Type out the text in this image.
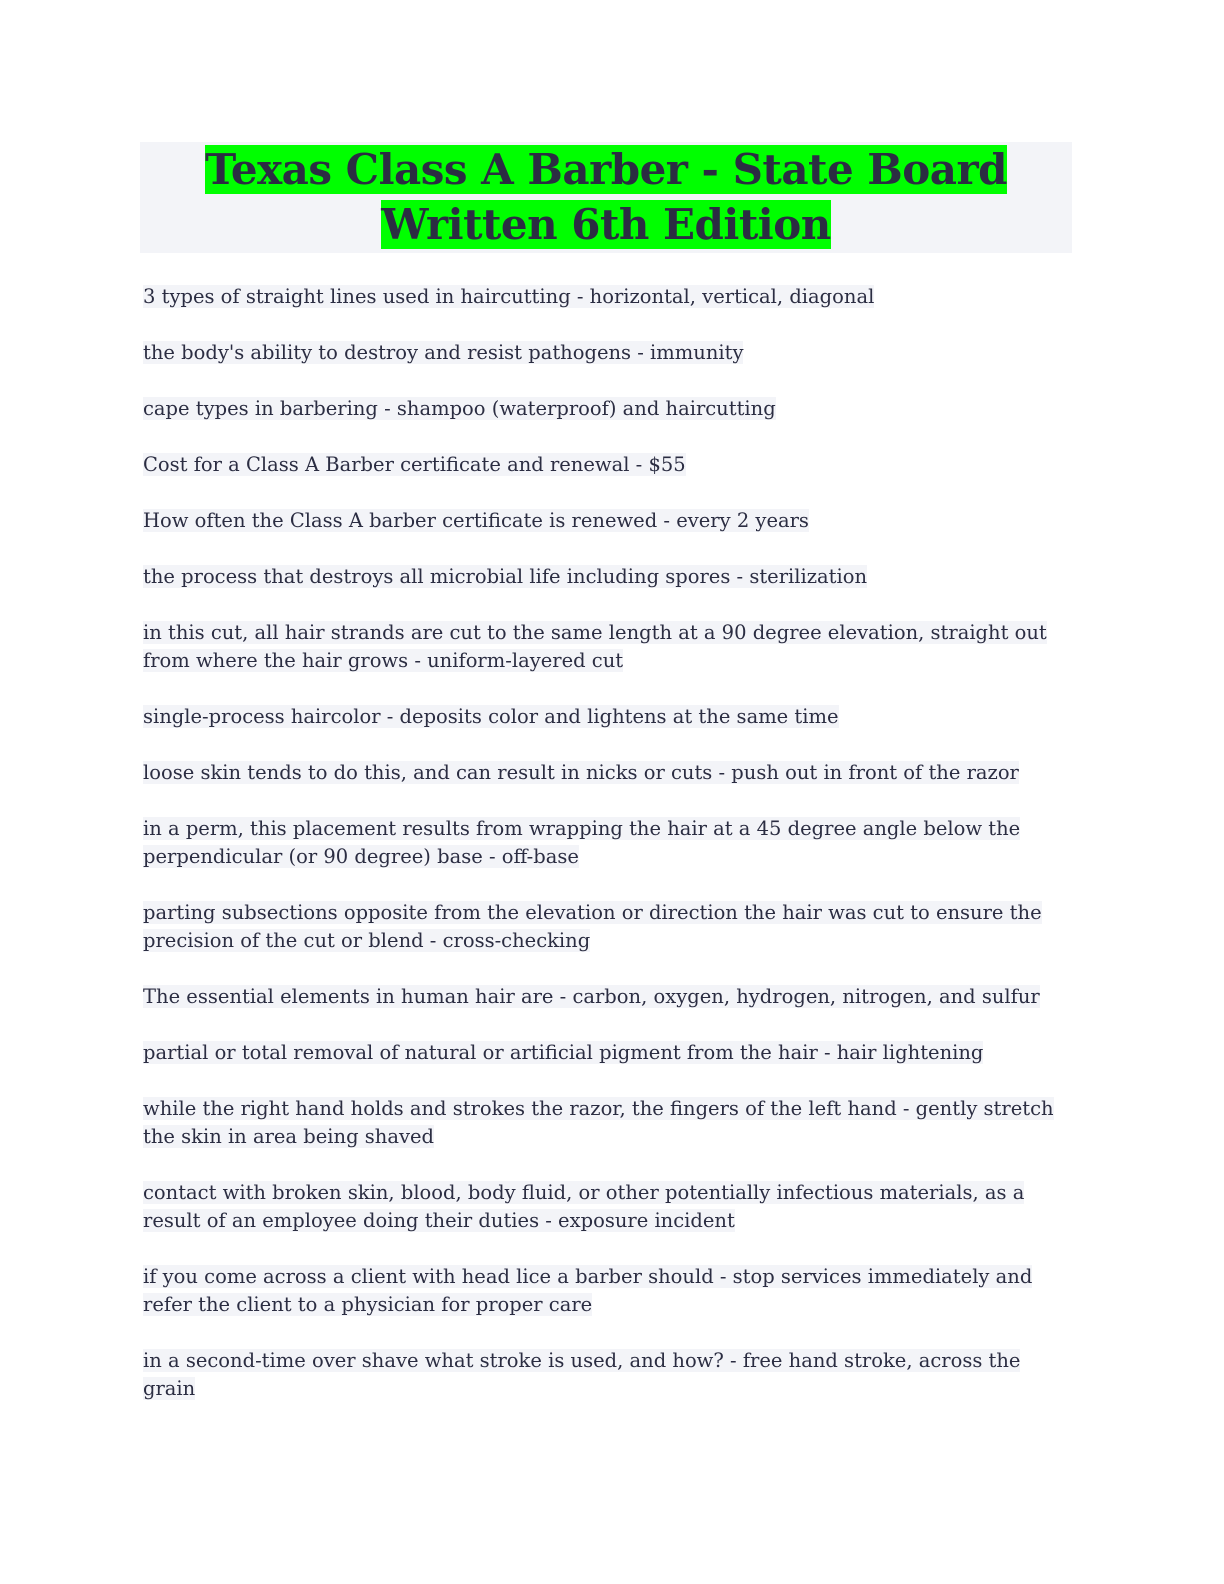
Texas Class A Barber - State Board Written 6th Edition

3 types of straight lines used in haircutting - horizontal, vertical, diagonal

the body's ability to destroy and resist pathogens - immunity

cape types in barbering - shampoo (waterproof) and haircutting

Cost for a Class A Barber certificate and renewal - $55

How often the Class A barber certificate is renewed - every 2 years

the process that destroys all microbial life including spores - sterilization

in this cut, all hair strands are cut to the same length at a 90 degree elevation, straight out from where the hair grows - uniform-layered cut

single-process haircolor - deposits color and lightens at the same time

loose skin tends to do this, and can result in nicks or cuts - push out in front of the razor

in a perm, this placement results from wrapping the hair at a 45 degree angle below the perpendicular (or 90 degree) base - off-base

parting subsections opposite from the elevation or direction the hair was cut to ensure the precision of the cut or blend - cross-checking

The essential elements in human hair are - carbon, oxygen, hydrogen, nitrogen, and sulfur

partial or total removal of natural or artificial pigment from the hair - hair lightening

while the right hand holds and strokes the razor, the fingers of the left hand - gently stretch the skin in area being shaved

contact with broken skin, blood, body fluid, or other potentially infectious materials, as a result of an employee doing their duties - exposure incident

if you come across a client with head lice a barber should - stop services immediately and refer the client to a physician for proper care

in a second-time over shave what stroke is used, and how? - free hand stroke, across the grain
